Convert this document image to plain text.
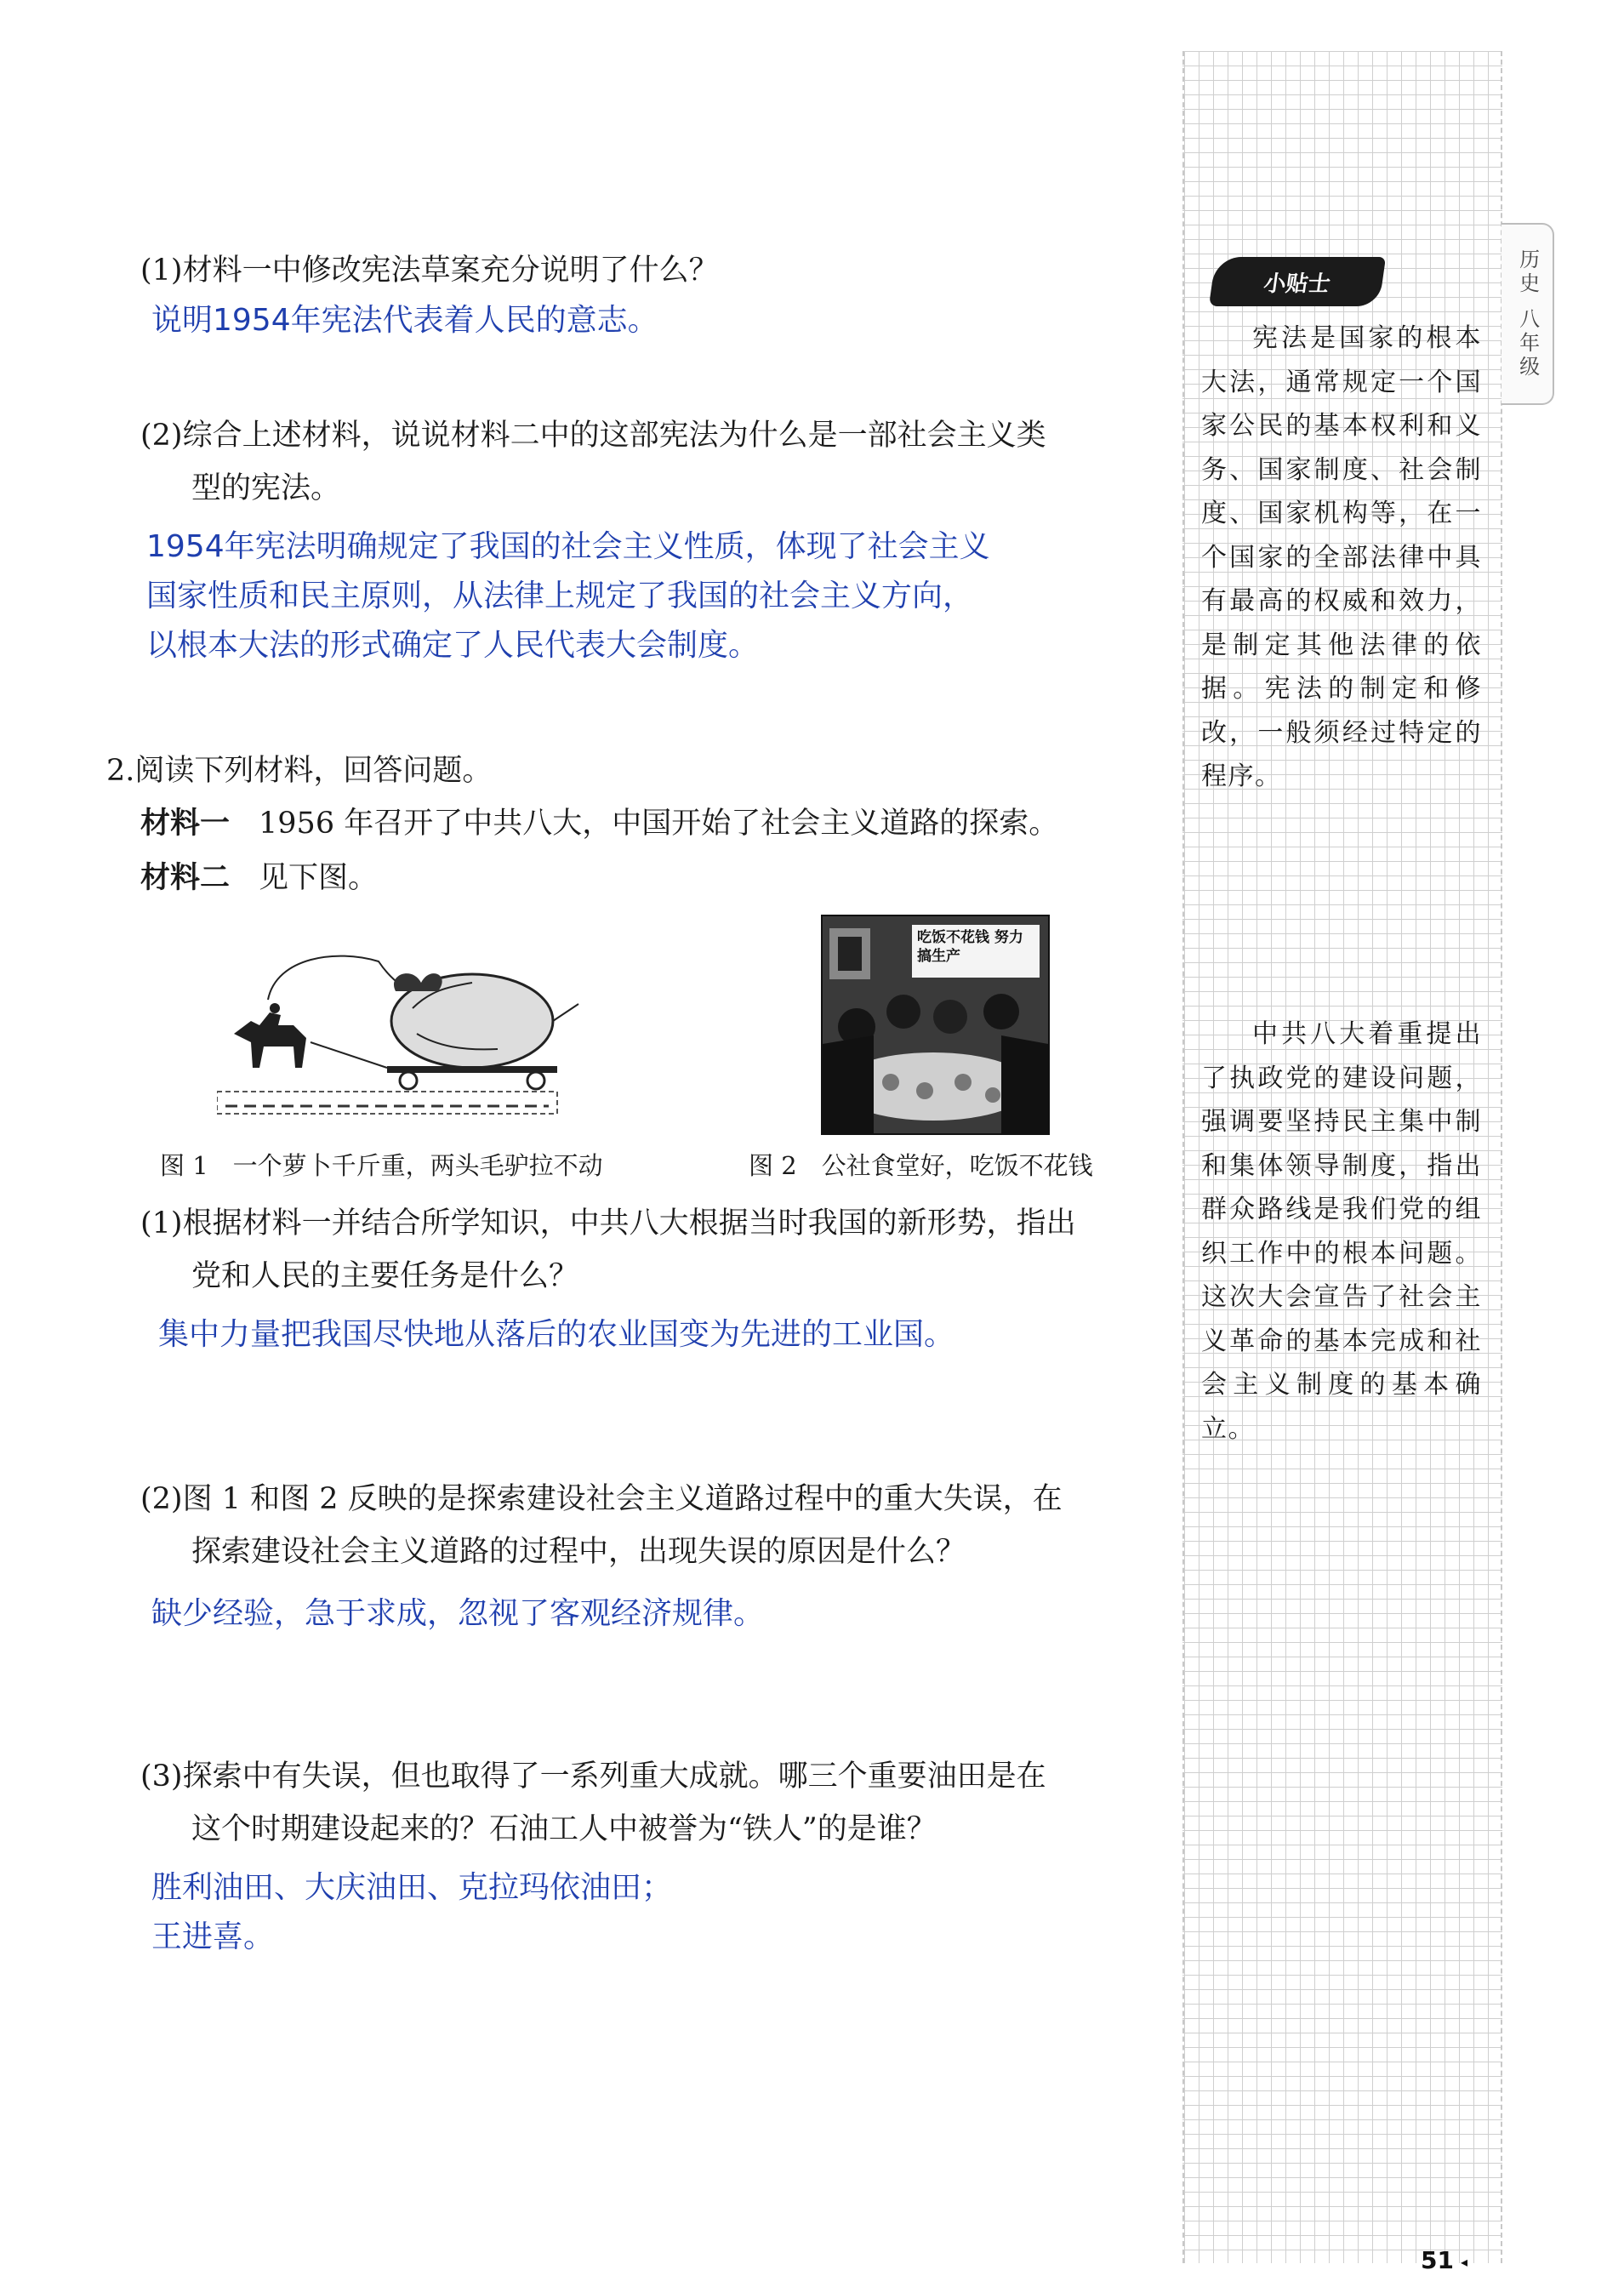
(1)材料一中修改宪法草案充分说明了什么？
说明1954年宪法代表着人民的意志。
(2)综合上述材料，说说材料二中的这部宪法为什么是一部社会主义类
型的宪法。
1954年宪法明确规定了我国的社会主义性质，体现了社会主义
国家性质和民主原则，从法律上规定了我国的社会主义方向，
以根本大法的形式确定了人民代表大会制度。
2.阅读下列材料，回答问题。
材料一 1956 年召开了中共八大，中国开始了社会主义道路的探索。
材料二 见下图。
吃饭不花钱 努力搞生产
图 1　一个萝卜千斤重，两头毛驴拉不动	图 2　公社食堂好，吃饭不花钱
(1)根据材料一并结合所学知识，中共八大根据当时我国的新形势，指出
党和人民的主要任务是什么？
集中力量把我国尽快地从落后的农业国变为先进的工业国。
(2)图 1 和图 2 反映的是探索建设社会主义道路过程中的重大失误，在
探索建设社会主义道路的过程中，出现失误的原因是什么？
缺少经验，急于求成，忽视了客观经济规律。
(3)探索中有失误，但也取得了一系列重大成就。哪三个重要油田是在
这个时期建设起来的？石油工人中被誉为“铁人”的是谁？
胜利油田、大庆油田、克拉玛依油田；
王进喜。
历史
八年级
小贴士
宪法是国家的根本大法，通常规定一个国家公民的基本权利和义务、国家制度、社会制度、国家机构等，在一个国家的全部法律中具有最高的权威和效力，是制定其他法律的依据。宪法的制定和修改，一般须经过特定的程序。
中共八大着重提出了执政党的建设问题，强调要坚持民主集中制和集体领导制度，指出群众路线是我们党的组织工作中的根本问题。这次大会宣告了社会主义革命的基本完成和社会主义制度的基本确立。
51 ◂
